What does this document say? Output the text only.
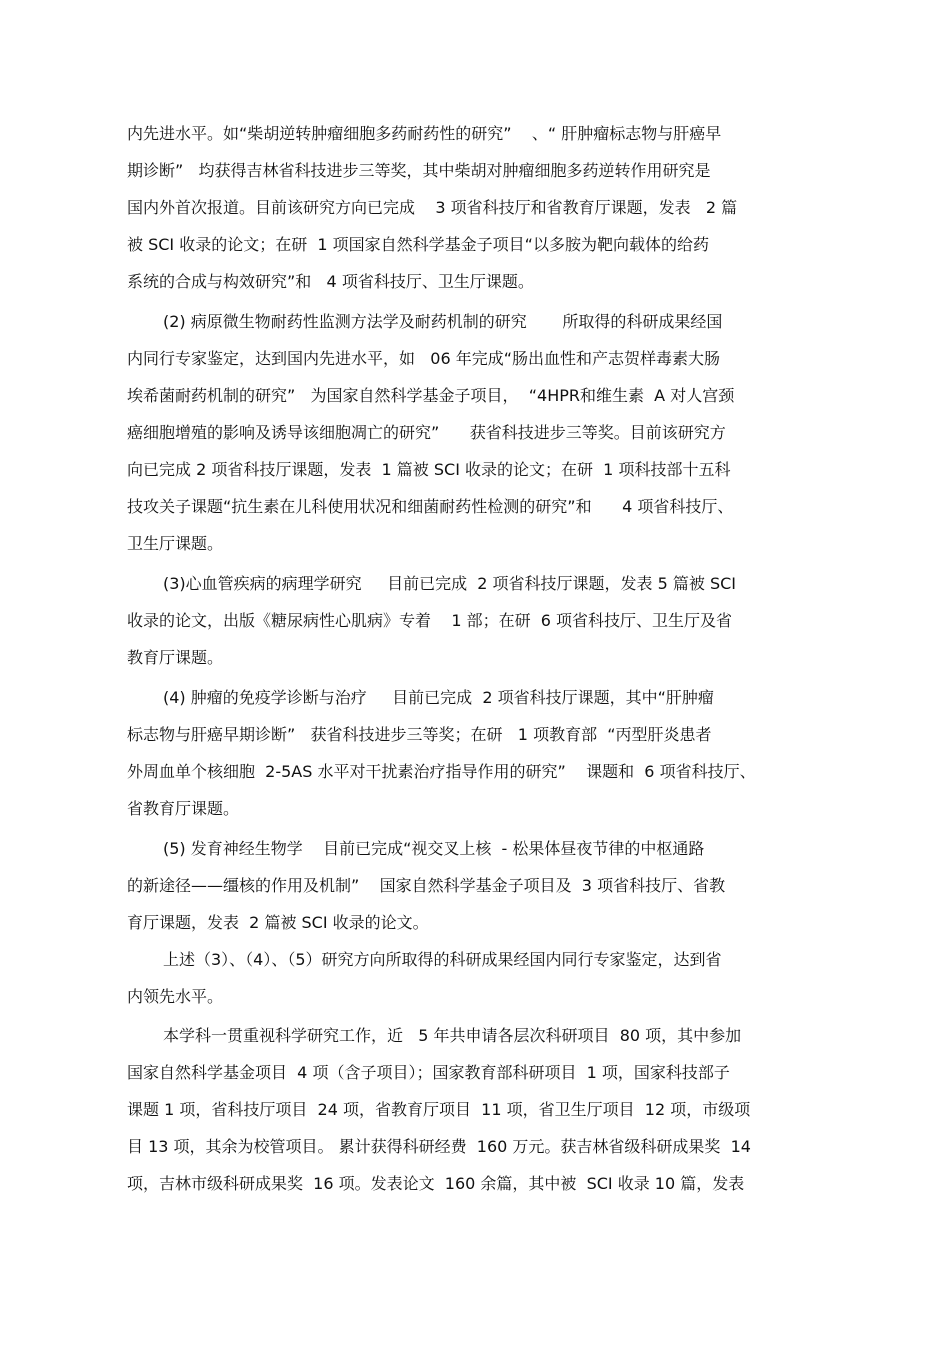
内先进水平。如“柴胡逆转肿瘤细胞多药耐药性的研究”    、“ 肝肿瘤标志物与肝癌早

期诊断”   均获得吉林省科技进步三等奖，其中柴胡对肿瘤细胞多药逆转作用研究是

国内外首次报道。目前该研究方向已完成    3 项省科技厅和省教育厅课题，发表   2 篇

被 SCI 收录的论文；在研  1 项国家自然科学基金子项目“以多胺为靶向载体的给药

系统的合成与构效研究”和   4 项省科技厅、卫生厅课题。

(2) 病原微生物耐药性监测方法学及耐药机制的研究       所取得的科研成果经国

内同行专家鉴定，达到国内先进水平，如   06 年完成“肠出血性和产志贺样毒素大肠

埃希菌耐药机制的研究”   为国家自然科学基金子项目，  “4HPR和维生素  A 对人宫颈

癌细胞增殖的影响及诱导该细胞凋亡的研究”      获省科技进步三等奖。目前该研究方

向已完成 2 项省科技厅课题，发表  1 篇被 SCI 收录的论文；在研  1 项科技部十五科

技攻关子课题“抗生素在儿科使用状况和细菌耐药性检测的研究”和      4 项省科技厅、

卫生厅课题。

(3)心血管疾病的病理学研究     目前已完成  2 项省科技厅课题，发表 5 篇被 SCI

收录的论文，出版《糖尿病性心肌病》专着    1 部；在研  6 项省科技厅、卫生厅及省

教育厅课题。

(4) 肿瘤的免疫学诊断与治疗     目前已完成  2 项省科技厅课题，其中“肝肿瘤

标志物与肝癌早期诊断”   获省科技进步三等奖；在研   1 项教育部  “丙型肝炎患者

外周血单个核细胞  2-5AS 水平对干扰素治疗指导作用的研究”    课题和  6 项省科技厅、

省教育厅课题。

(5) 发育神经生物学    目前已完成“视交叉上核  - 松果体昼夜节律的中枢通路

的新途径——缰核的作用及机制”    国家自然科学基金子项目及  3 项省科技厅、省教

育厅课题，发表  2 篇被 SCI 收录的论文。

上述（3）、（4）、（5）研究方向所取得的科研成果经国内同行专家鉴定，达到省

内领先水平。

本学科一贯重视科学研究工作，近   5 年共申请各层次科研项目  80 项，其中参加

国家自然科学基金项目  4 项（含子项目）；国家教育部科研项目  1 项，国家科技部子

课题 1 项，省科技厅项目  24 项，省教育厅项目  11 项，省卫生厅项目  12 项，市级项

目 13 项，其余为校管项目。 累计获得科研经费  160 万元。获吉林省级科研成果奖  14

项，吉林市级科研成果奖  16 项。发表论文  160 余篇，其中被  SCI 收录 10 篇，发表
